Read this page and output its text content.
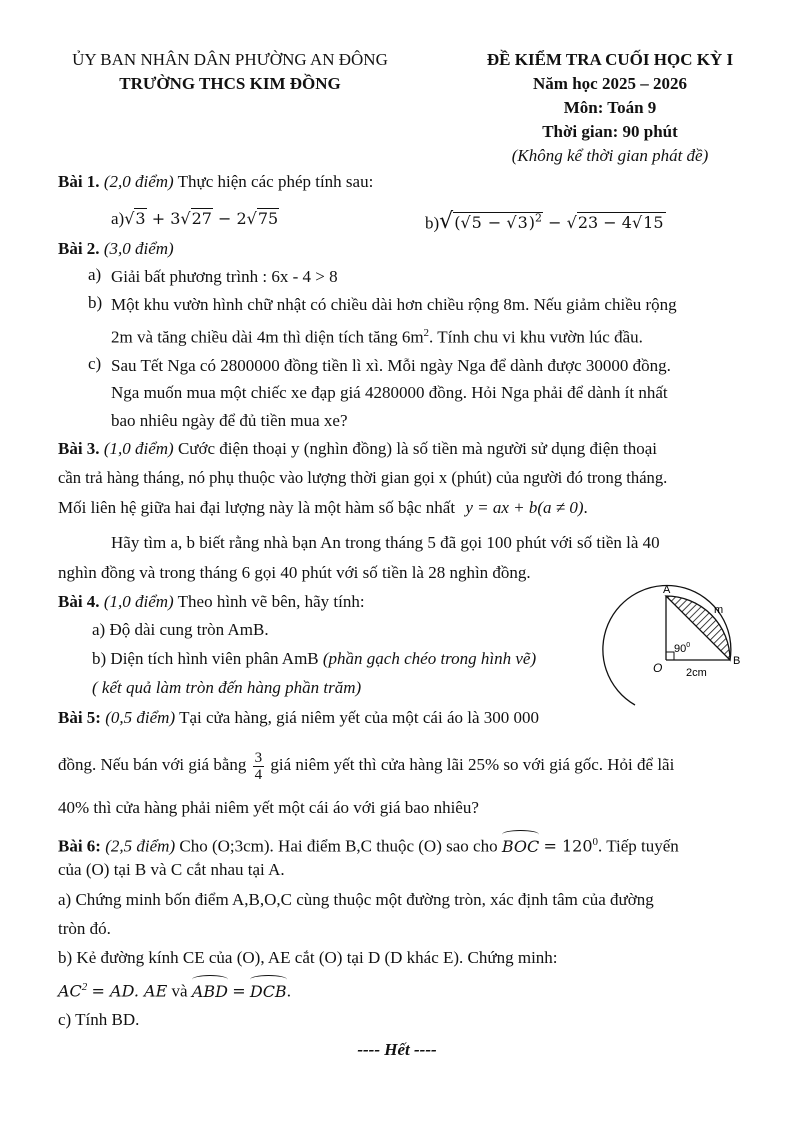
ỦY BAN NHÂN DÂN PHƯỜNG AN ĐÔNG
TRƯỜNG THCS KIM ĐỒNG
ĐỀ KIỂM TRA CUỐI HỌC KỲ I
Năm học 2025 – 2026
Môn: Toán 9
Thời gian: 90 phút
(Không kể thời gian phát đề)
Bài 1. (2,0 điểm) Thực hiện các phép tính sau:
a)√3 + 3√27 − 2√75	$b)√(√5 - √3)^2 - √23 - 4√15$
Bài 2. (3,0 điểm)
a) Giải bất phương trình : 6x - 4 > 8
b) Một khu vườn hình chữ nhật có chiều dài hơn chiều rộng 8m. Nếu giảm chiều rộng
2m và tăng chiều dài 4m thì diện tích tăng $6m^2$. Tính chu vi khu vườn lúc đầu.
c) Sau Tết Nga có 2800000 đồng tiền lì xì. Mỗi ngày Nga để dành được 30000 đồng.
Nga muốn mua một chiếc xe đạp giá 4280000 đồng. Hỏi Nga phải để dành ít nhất
bao nhiêu ngày để đủ tiền mua xe?
Bài 3. (1,0 điểm) Cước điện thoại y (nghìn đồng) là số tiền mà người sử dụng điện thoại
cần trả hàng tháng, nó phụ thuộc vào lượng thời gian gọi x (phút) của người đó trong tháng.
Mối liên hệ giữa hai đại lượng này là một hàm số bậc nhất y = ax + b(a ≠ 0).
Hãy tìm a, b biết rằng nhà bạn An trong tháng 5 đã gọi 100 phút với số tiền là 40
nghìn đồng và trong tháng 6 gọi 40 phút với số tiền là 28 nghìn đồng.
Bài 4. (1,0 điểm) Theo hình vẽ bên, hãy tính:
a) Độ dài cung tròn AmB.
b) Diện tích hình viên phân AmB (phần gạch chéo trong hình vẽ)
( kết quả làm tròn đến hàng phần trăm)
A
B
O
m
$90^0$
2cm
Bài 5: (0,5 điểm) Tại cửa hàng, giá niêm yết của một cái áo là 300 000
đồng. Nếu bán với giá bằng $\frac{3}{4}$ giá niêm yết thì cửa hàng lãi 25% so với giá gốc. Hỏi để lãi
40% thì cửa hàng phải niêm yết một cái áo với giá bao nhiêu?
Bài 6: (2,5 điểm) Cho (O;3cm). Hai điểm B,C thuộc (O) sao cho BOC = $120^0$. Tiếp tuyến
của (O) tại B và C cắt nhau tại A.
a) Chứng minh bốn điểm A,B,O,C cùng thuộc một đường tròn, xác định tâm của đường
tròn đó.
b) Kẻ đường kính CE của (O), AE cắt (O) tại D (D khác E). Chứng minh:
$AC^2$ = AD. AE và ABD = DCB.
c) Tính BD.
---- Hết ----
